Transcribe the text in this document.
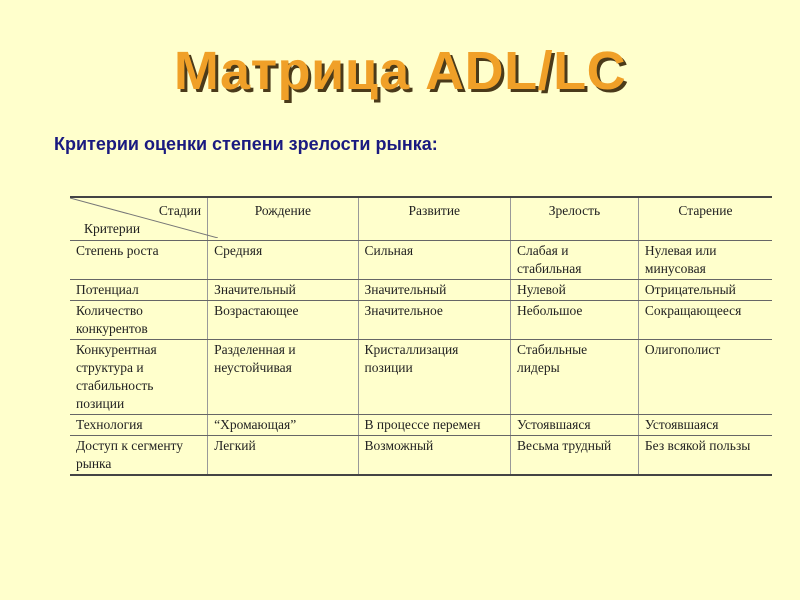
Матрица ADL/LC
Критерии оценки степени зрелости рынка:
Стадии
Критерии	Рождение	Развитие	Зрелость	Старение
Степень роста	Средняя	Сильная	Слабая и стабильная	Нулевая или минусовая
Потенциал	Значительный	Значительный	Нулевой	Отрицательный
Количество конкурентов	Возрастающее	Значительное	Небольшое	Сокращающееся
Конкурентная структура и стабильность позиции	Разделенная и неустойчивая	Кристаллизация позиции	Стабильные лидеры	Олигополист
Технология	“Хромающая”	В процессе перемен	Устоявшаяся	Устоявшаяся
Доступ к сегменту рынка	Легкий	Возможный	Весьма трудный	Без всякой пользы
